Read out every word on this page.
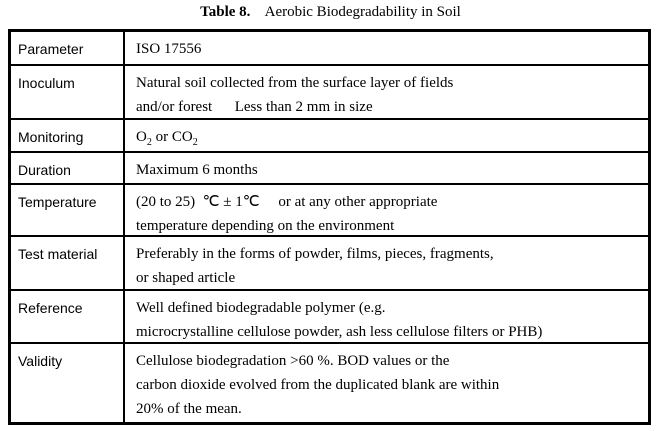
Table 8. Aerobic Biodegradability in Soil
Parameter	ISO 17556
Inoculum	Natural soil collected from the surface layer of fields
and/or forest      Less than 2 mm in size
Monitoring	$O_2$ or $CO_2$
Duration	Maximum 6 months
Temperature	(20 to 25)  ℃ ± 1℃     or at any other appropriate
temperature depending on the environment
Test material	Preferably in the forms of powder, films, pieces, fragments,
or shaped article
Reference	Well defined biodegradable polymer (e.g.
microcrystalline cellulose powder, ash less cellulose filters or PHB)
Validity	Cellulose biodegradation >60 %. BOD values or the
carbon dioxide evolved from the duplicated blank are within
20% of the mean.
